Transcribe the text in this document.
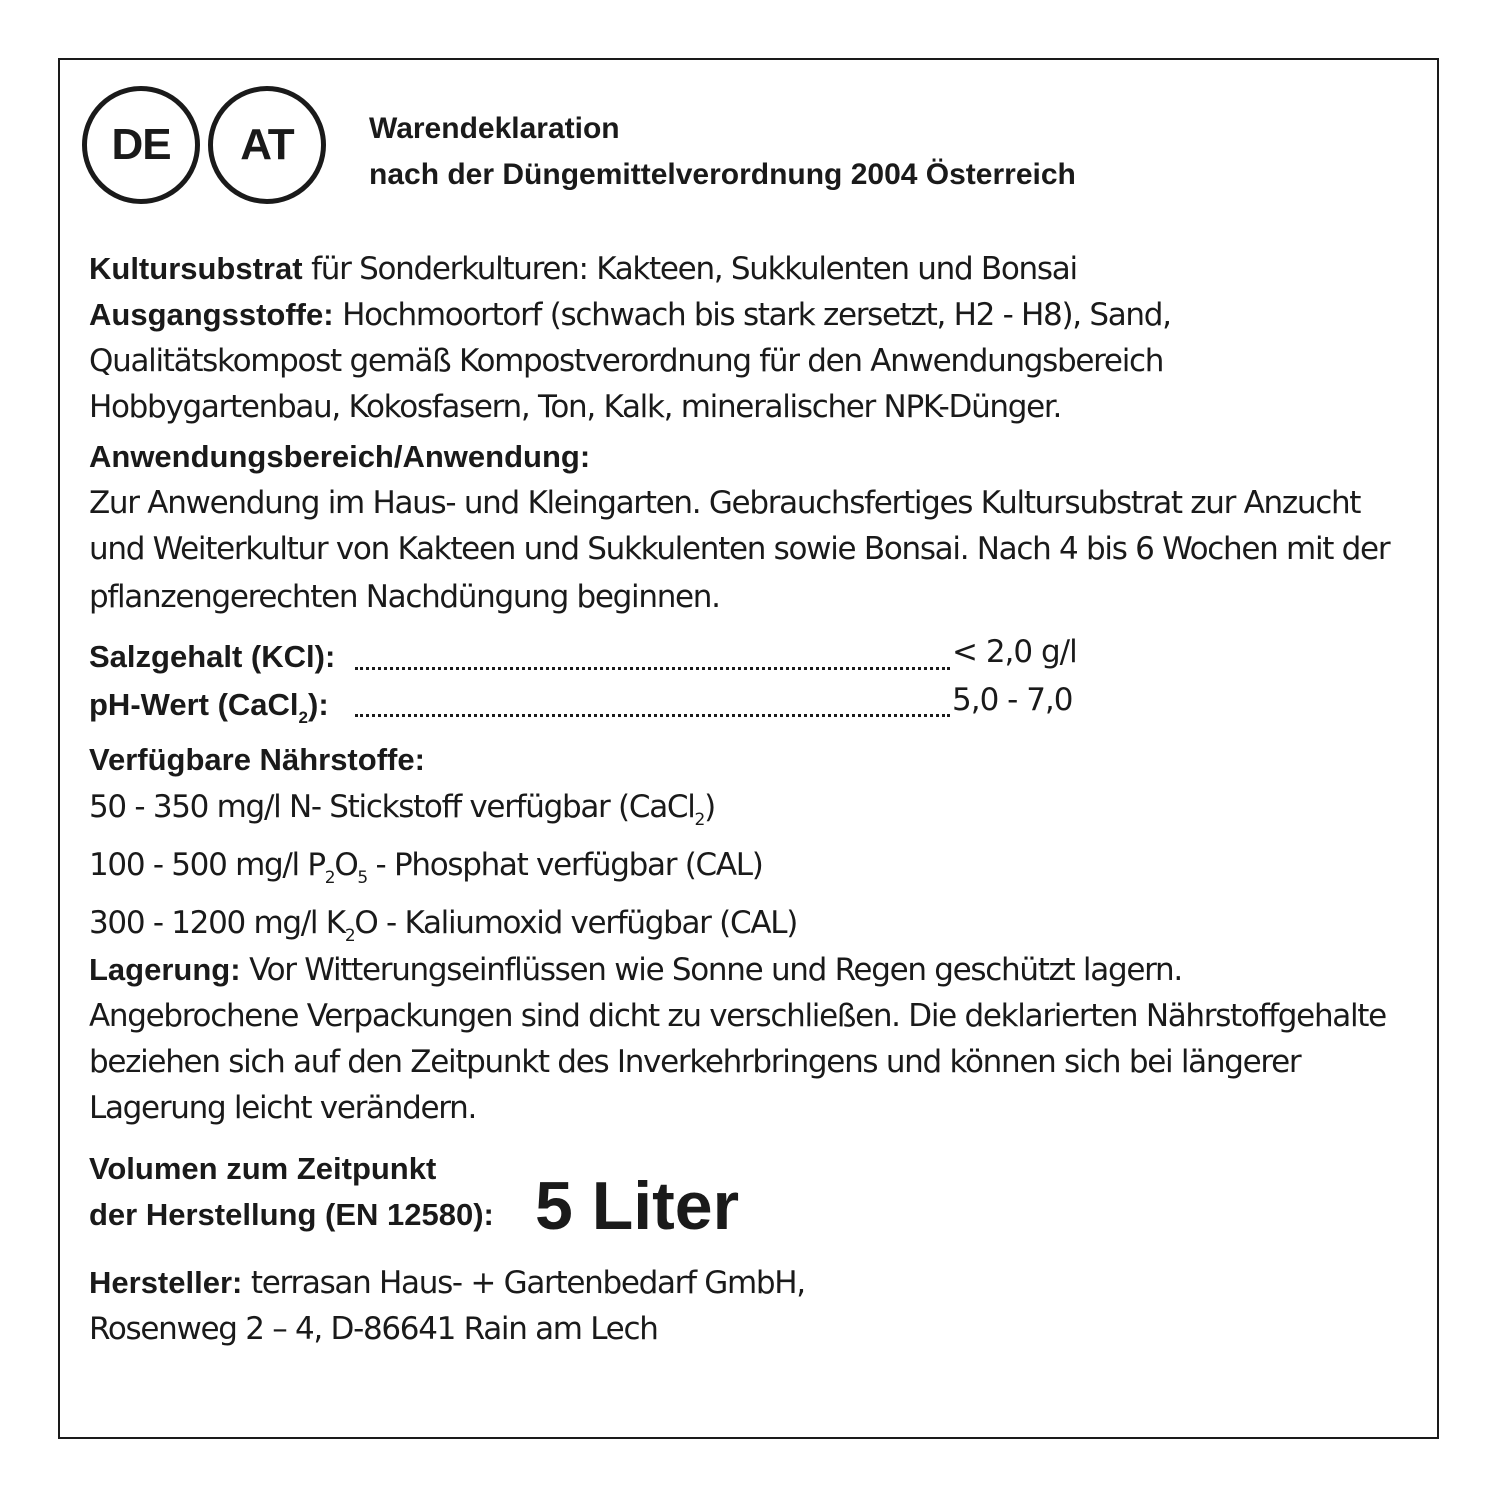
DE AT	Warendeklaration
nach der Düngemittelverordnung 2004 Österreich
Kultursubstrat für Sonderkulturen: Kakteen, Sukkulenten und Bonsai
Ausgangsstoffe: Hochmoortorf (schwach bis stark zersetzt, H2 - H8), Sand,
Qualitätskompost gemäß Kompostverordnung für den Anwendungsbereich
Hobbygartenbau, Kokosfasern, Ton, Kalk, mineralischer NPK-Dünger.
Anwendungsbereich/Anwendung:
Zur Anwendung im Haus- und Kleingarten. Gebrauchsfertiges Kultursubstrat zur Anzucht
und Weiterkultur von Kakteen und Sukkulenten sowie Bonsai. Nach 4 bis 6 Wochen mit der
pflanzengerechten Nachdüngung beginnen.
Salzgehalt (KCl):	< 2,0 g/l
pH-Wert (CaCl$_2$):	5,0 - 7,0
Verfügbare Nährstoffe:
50 - 350 mg/l N- Stickstoff verfügbar (CaCl$_2$)
100 - 500 mg/l $P_2O_5$ - Phosphat verfügbar (CAL)
300 - 1200 mg/l $K_2O$ - Kaliumoxid verfügbar (CAL)
Lagerung: Vor Witterungseinflüssen wie Sonne und Regen geschützt lagern.
Angebrochene Verpackungen sind dicht zu verschließen. Die deklarierten Nährstoffgehalte
beziehen sich auf den Zeitpunkt des Inverkehrbringens und können sich bei längerer
Lagerung leicht verändern.
Volumen zum Zeitpunkt
der Herstellung (EN 12580): 5 Liter
Hersteller: terrasan Haus- + Gartenbedarf GmbH,
Rosenweg 2 – 4, D-86641 Rain am Lech
